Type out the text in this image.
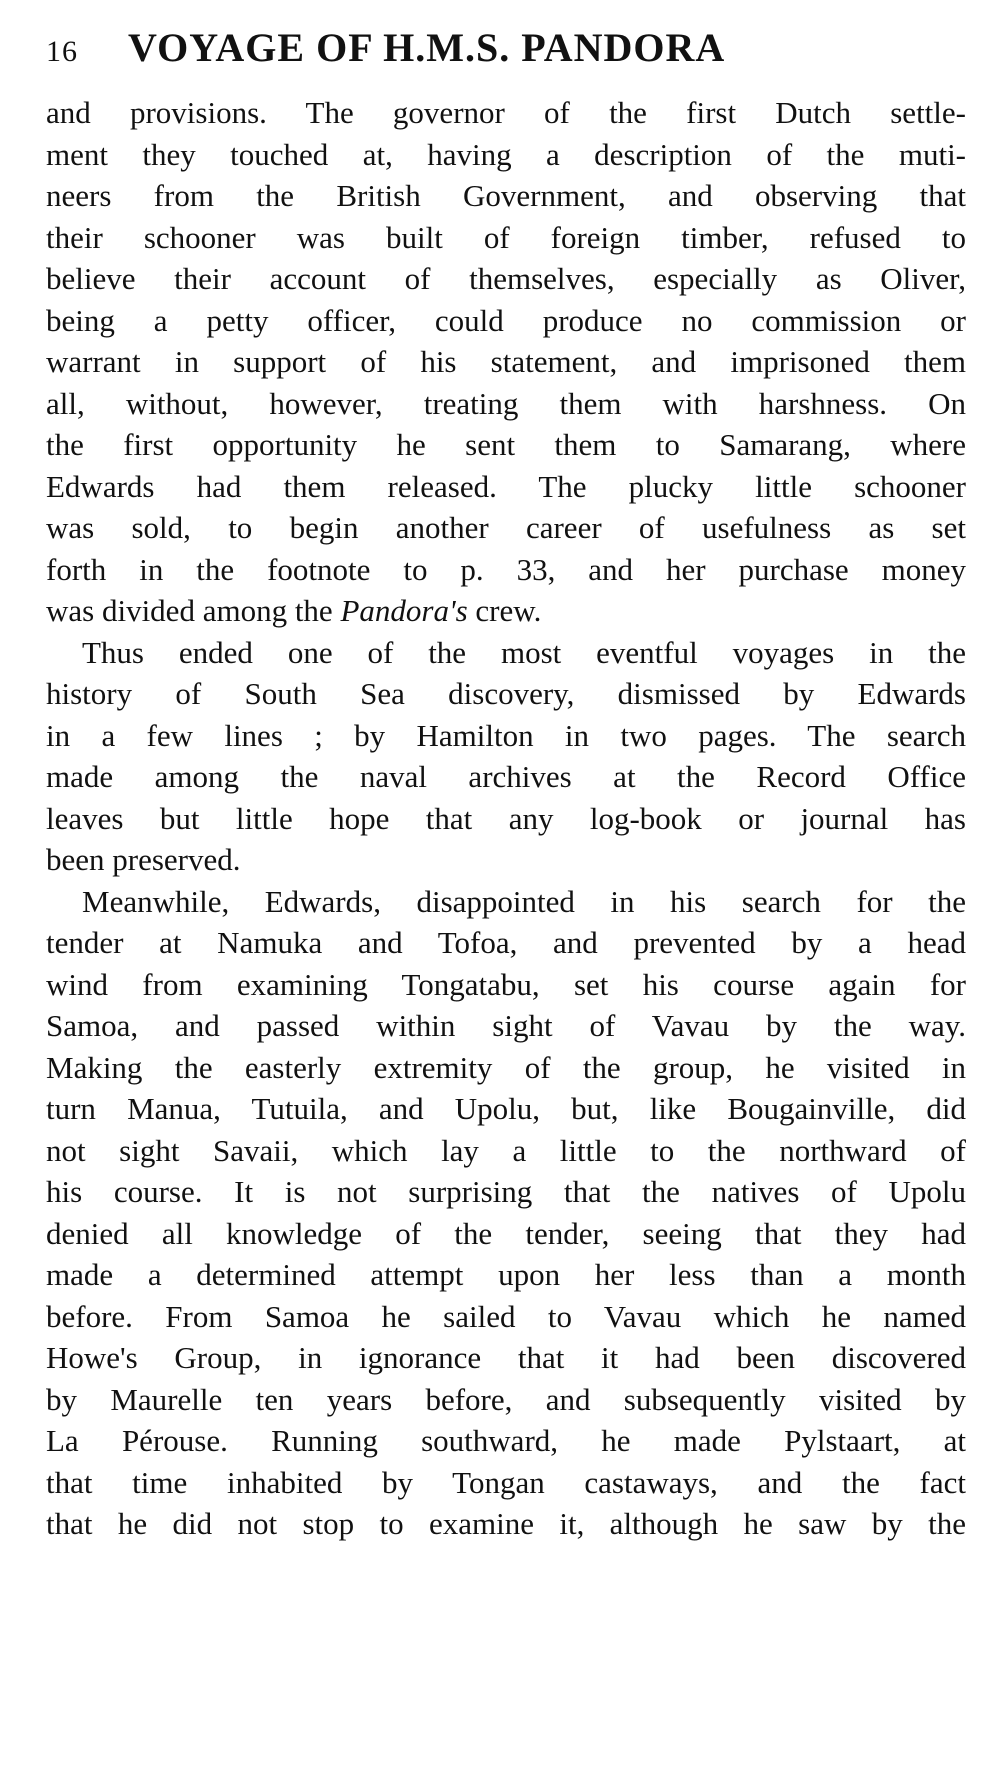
16	VOYAGE OF H.M.S. PANDORA
and provisions. The governor of the first Dutch settle-
ment they touched at, having a description of the muti-
neers from the British Government, and observing that
their schooner was built of foreign timber, refused to
believe their account of themselves, especially as Oliver,
being a petty officer, could produce no commission or
warrant in support of his statement, and imprisoned them
all, without, however, treating them with harshness. On
the first opportunity he sent them to Samarang, where
Edwards had them released. The plucky little schooner
was sold, to begin another career of usefulness as set
forth in the footnote to p. 33, and her purchase money
was divided among the Pandora's crew.
Thus ended one of the most eventful voyages in the
history of South Sea discovery, dismissed by Edwards
in a few lines ; by Hamilton in two pages. The search
made among the naval archives at the Record Office
leaves but little hope that any log-book or journal has
been preserved.
Meanwhile, Edwards, disappointed in his search for the
tender at Namuka and Tofoa, and prevented by a head
wind from examining Tongatabu, set his course again for
Samoa, and passed within sight of Vavau by the way.
Making the easterly extremity of the group, he visited in
turn Manua, Tutuila, and Upolu, but, like Bougainville, did
not sight Savaii, which lay a little to the northward of
his course. It is not surprising that the natives of Upolu
denied all knowledge of the tender, seeing that they had
made a determined attempt upon her less than a month
before. From Samoa he sailed to Vavau which he named
Howe's Group, in ignorance that it had been discovered
by Maurelle ten years before, and subsequently visited by
La Pérouse. Running southward, he made Pylstaart, at
that time inhabited by Tongan castaways, and the fact
that he did not stop to examine it, although he saw by the
